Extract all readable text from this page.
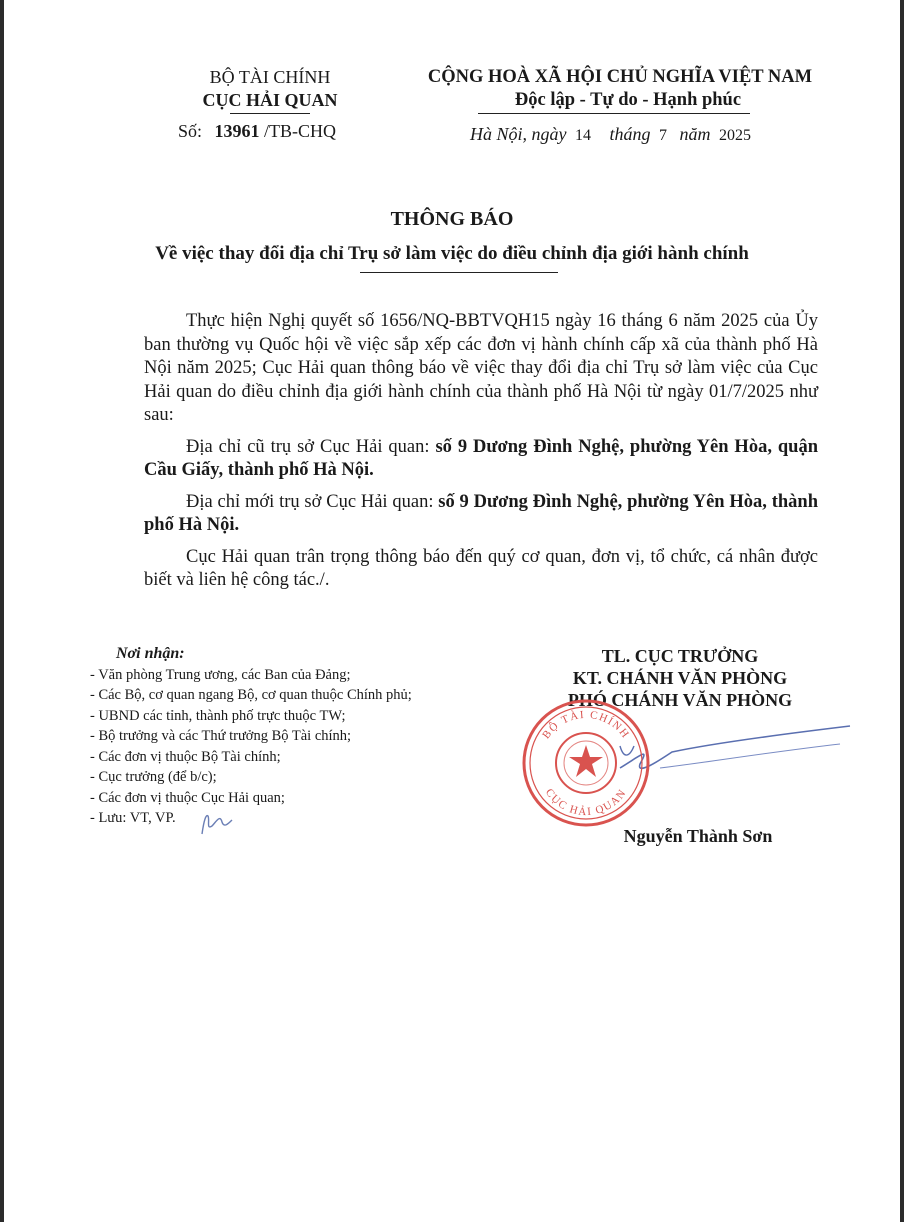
BỘ TÀI CHÍNH
CỤC HẢI QUAN
Số: 13961 /TB-CHQ
CỘNG HOÀ XÃ HỘI CHỦ NGHĨA VIỆT NAM
Độc lập - Tự do - Hạnh phúc
Hà Nội, ngày 14 tháng 7 năm 2025
THÔNG BÁO
Về việc thay đổi địa chỉ Trụ sở làm việc do điều chỉnh địa giới hành chính

Thực hiện Nghị quyết số 1656/NQ-BBTVQH15 ngày 16 tháng 6 năm 2025 của Ủy ban thường vụ Quốc hội về việc sắp xếp các đơn vị hành chính cấp xã của thành phố Hà Nội năm 2025; Cục Hải quan thông báo về việc thay đổi địa chỉ Trụ sở làm việc của Cục Hải quan do điều chỉnh địa giới hành chính của thành phố Hà Nội từ ngày 01/7/2025 như sau:

Địa chỉ cũ trụ sở Cục Hải quan: số 9 Dương Đình Nghệ, phường Yên Hòa, quận Cầu Giấy, thành phố Hà Nội.

Địa chỉ mới trụ sở Cục Hải quan: số 9 Dương Đình Nghệ, phường Yên Hòa, thành phố Hà Nội.

Cục Hải quan trân trọng thông báo đến quý cơ quan, đơn vị, tổ chức, cá nhân được biết và liên hệ công tác./.

Nơi nhận:
- Văn phòng Trung ương, các Ban của Đảng;
- Các Bộ, cơ quan ngang Bộ, cơ quan thuộc Chính phủ;
- UBND các tỉnh, thành phố trực thuộc TW;
- Bộ trưởng và các Thứ trưởng Bộ Tài chính;
- Các đơn vị thuộc Bộ Tài chính;
- Cục trưởng (để b/c);
- Các đơn vị thuộc Cục Hải quan;
- Lưu: VT, VP.
TL. CỤC TRƯỞNG
KT. CHÁNH VĂN PHÒNG
PHÓ CHÁNH VĂN PHÒNG
BỘ TÀI CHÍNH
CỤC HẢI QUAN
Nguyễn Thành Sơn
